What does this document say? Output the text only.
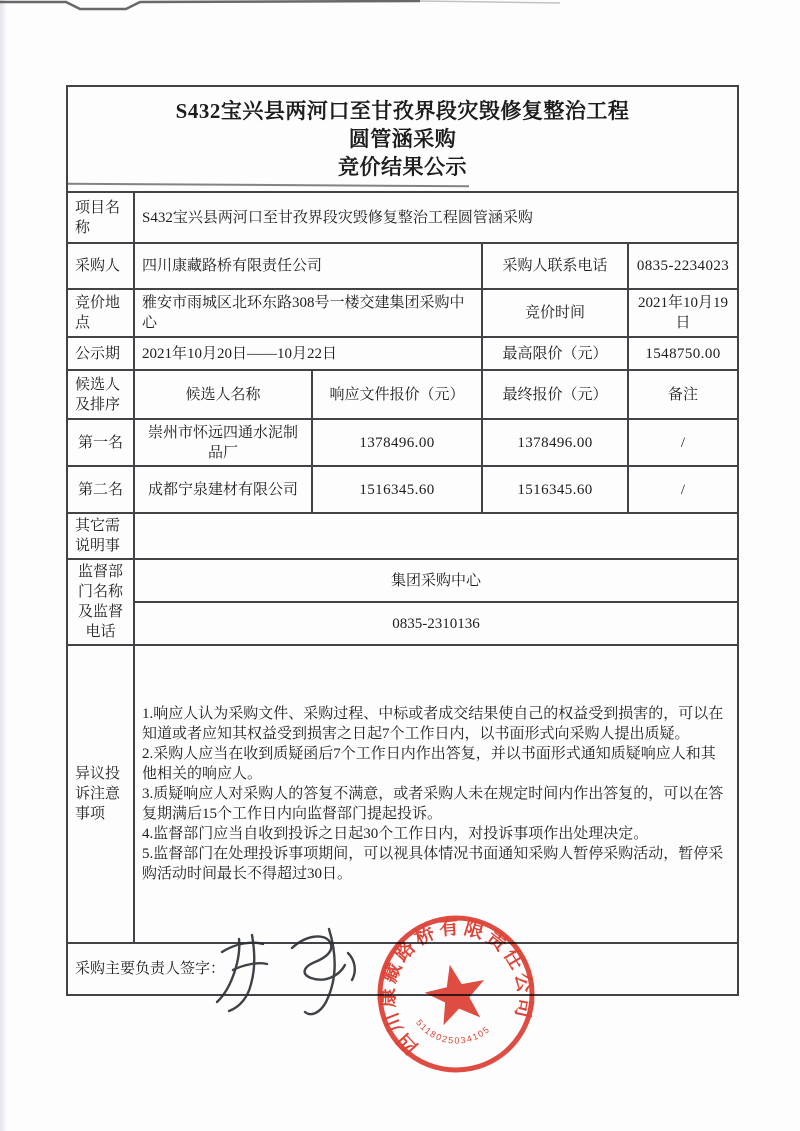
S432宝兴县两河口至甘孜界段灾毁修复整治工程
圆管涵采购
竞价结果公示				

项目名称	S432宝兴县两河口至甘孜界段灾毁修复整治工程圆管涵采购			
采购人	四川康藏路桥有限责任公司		采购人联系电话	0835-2234023
竞价地点	雅安市雨城区北环东路308号一楼交建集团采购中心		竞价时间	2021年10月19日
公示期	2021年10月20日——10月22日		最高限价（元）	1548750.00
候选人及排序	候选人名称	响应文件报价（元）	最终报价（元）	备注
第一名	崇州市怀远四通水泥制品厂	1378496.00	1378496.00	/
第二名	成都宁泉建材有限公司	1516345.60	1516345.60	/
其它需说明事				
监督部门名称及监督电话	集团采购中心			
	0835-2310136			
异议投诉注意事项	1.响应人认为采购文件、采购过程、中标或者成交结果使自己的权益受到损害的，可以在知道或者应知其权益受到损害之日起7个工作日内，以书面形式向采购人提出质疑。

2.采购人应当在收到质疑函后7个工作日内作出答复，并以书面形式通知质疑响应人和其他相关的响应人。

3.质疑响应人对采购人的答复不满意，或者采购人未在规定时间内作出答复的，可以在答复期满后15个工作日内向监督部门提起投诉。

4.监督部门应当自收到投诉之日起30个工作日内，对投诉事项作出处理决定。

5.监督部门在处理投诉事项期间，可以视具体情况书面通知采购人暂停采购活动，暂停采购活动时间最长不得超过30日。			

采购主要负责人签字：				
四川康藏路桥有限责任公司
5118025034105
